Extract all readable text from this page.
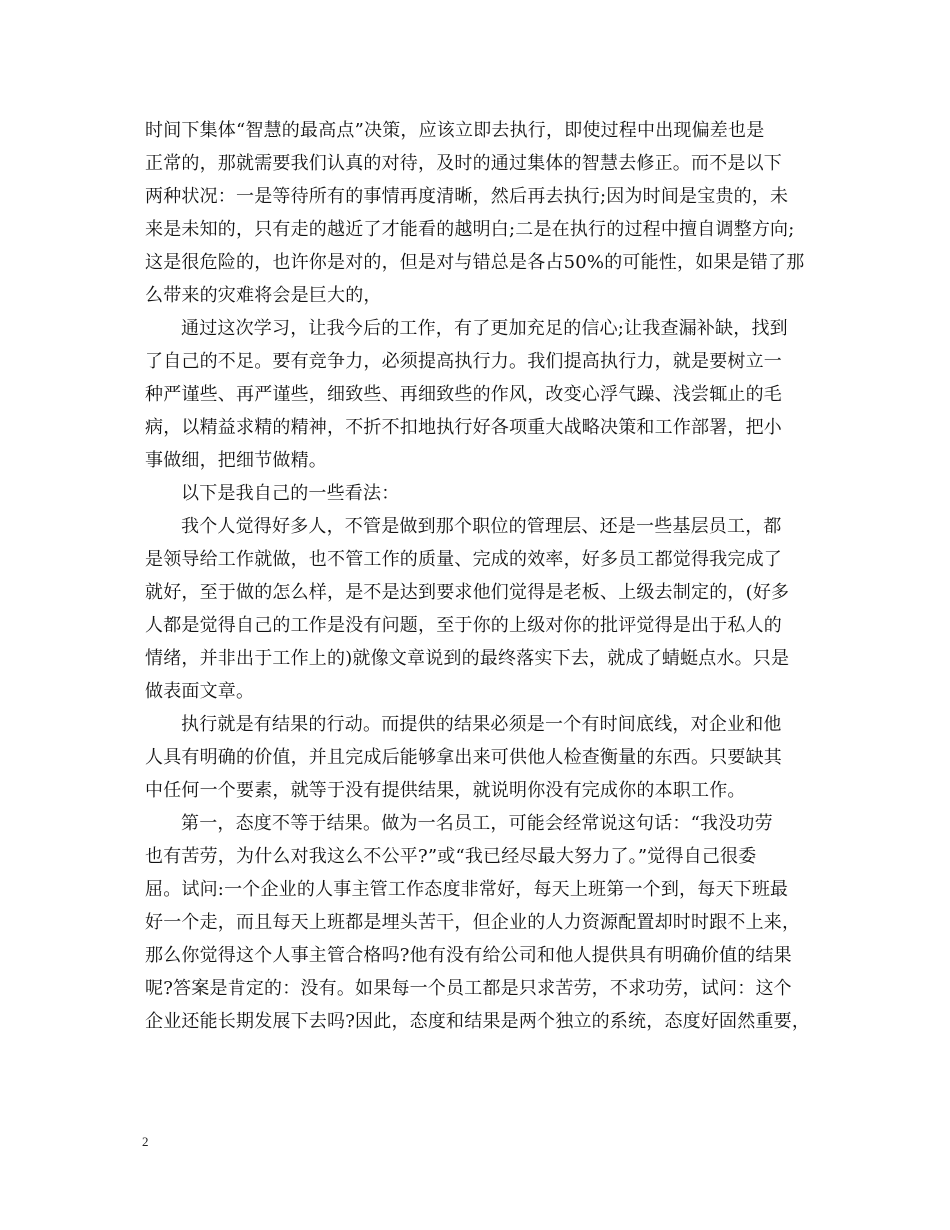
时间下集体“智慧的最高点”决策，应该立即去执行，即使过程中出现偏差也是
正常的，那就需要我们认真的对待，及时的通过集体的智慧去修正。而不是以下
两种状况：一是等待所有的事情再度清晰，然后再去执行;因为时间是宝贵的，未
来是未知的，只有走的越近了才能看的越明白;二是在执行的过程中擅自调整方向;
这是很危险的，也许你是对的，但是对与错总是各占50%的可能性，如果是错了那
么带来的灾难将会是巨大的，
通过这次学习，让我今后的工作，有了更加充足的信心;让我查漏补缺，找到
了自己的不足。要有竞争力，必须提高执行力。我们提高执行力，就是要树立一
种严谨些、再严谨些，细致些、再细致些的作风，改变心浮气躁、浅尝辄止的毛
病，以精益求精的精神，不折不扣地执行好各项重大战略决策和工作部署，把小
事做细，把细节做精。
以下是我自己的一些看法：
我个人觉得好多人，不管是做到那个职位的管理层、还是一些基层员工，都
是领导给工作就做，也不管工作的质量、完成的效率，好多员工都觉得我完成了
就好，至于做的怎么样，是不是达到要求他们觉得是老板、上级去制定的，(好多
人都是觉得自己的工作是没有问题，至于你的上级对你的批评觉得是出于私人的
情绪，并非出于工作上的)就像文章说到的最终落实下去，就成了蜻蜓点水。只是
做表面文章。
执行就是有结果的行动。而提供的结果必须是一个有时间底线，对企业和他
人具有明确的价值，并且完成后能够拿出来可供他人检查衡量的东西。只要缺其
中任何一个要素，就等于没有提供结果，就说明你没有完成你的本职工作。
第一，态度不等于结果。做为一名员工，可能会经常说这句话：“我没功劳
也有苦劳，为什么对我这么不公平?”或“我已经尽最大努力了。”觉得自己很委
屈。试问:一个企业的人事主管工作态度非常好，每天上班第一个到，每天下班最
好一个走，而且每天上班都是埋头苦干，但企业的人力资源配置却时时跟不上来，
那么你觉得这个人事主管合格吗?他有没有给公司和他人提供具有明确价值的结果
呢?答案是肯定的：没有。如果每一个员工都是只求苦劳，不求功劳，试问：这个
企业还能长期发展下去吗?因此，态度和结果是两个独立的系统，态度好固然重要，
2
